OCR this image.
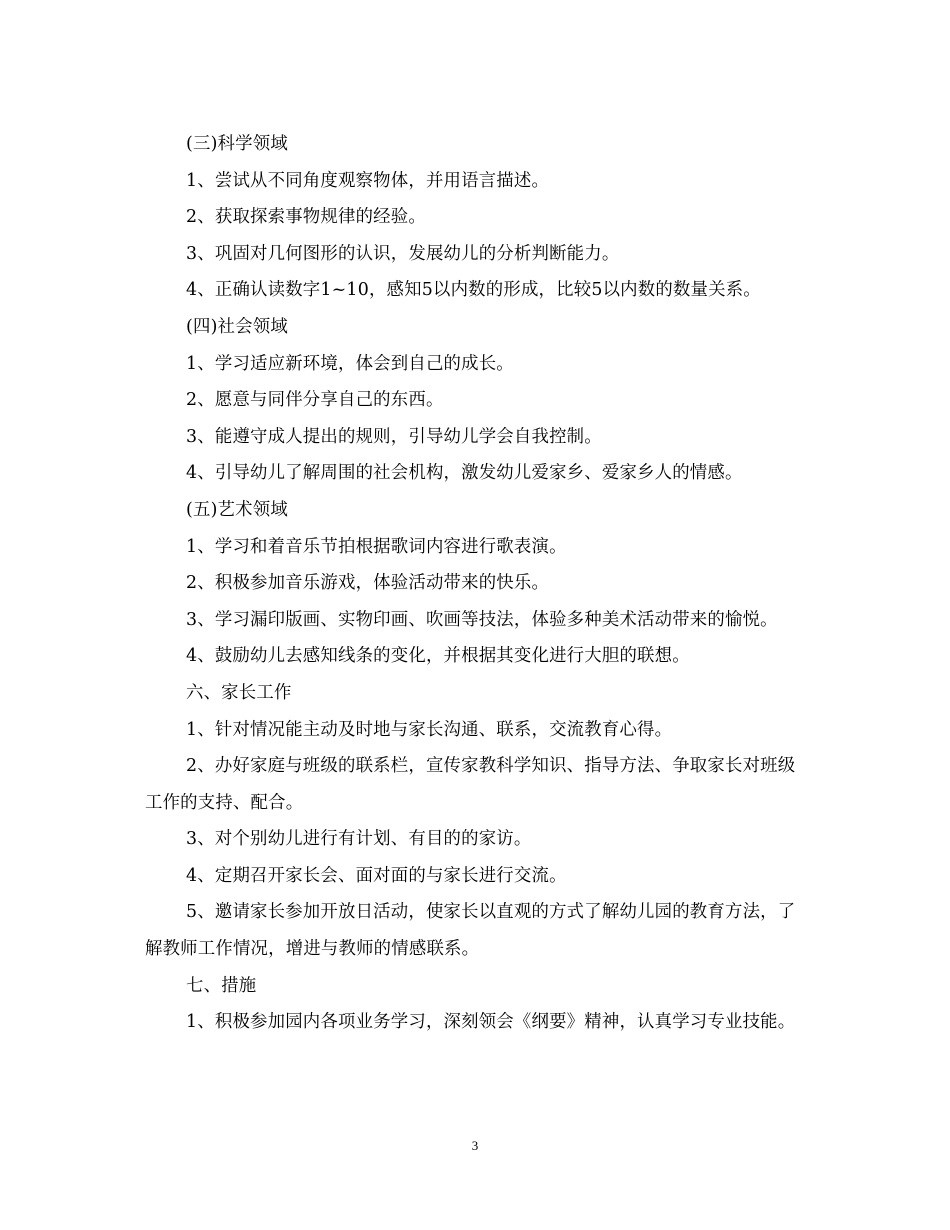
(三)科学领域

1、尝试从不同角度观察物体，并用语言描述。

2、获取探索事物规律的经验。

3、巩固对几何图形的认识，发展幼儿的分析判断能力。

4、正确认读数字1~10，感知5以内数的形成，比较5以内数的数量关系。

(四)社会领域

1、学习适应新环境，体会到自己的成长。

2、愿意与同伴分享自己的东西。

3、能遵守成人提出的规则，引导幼儿学会自我控制。

4、引导幼儿了解周围的社会机构，激发幼儿爱家乡、爱家乡人的情感。

(五)艺术领域

1、学习和着音乐节拍根据歌词内容进行歌表演。

2、积极参加音乐游戏，体验活动带来的快乐。

3、学习漏印版画、实物印画、吹画等技法，体验多种美术活动带来的愉悦。

4、鼓励幼儿去感知线条的变化，并根据其变化进行大胆的联想。

六、家长工作

1、针对情况能主动及时地与家长沟通、联系，交流教育心得。

2、办好家庭与班级的联系栏，宣传家教科学知识、指导方法、争取家长对班级工作的支持、配合。

3、对个别幼儿进行有计划、有目的的家访。

4、定期召开家长会、面对面的与家长进行交流。

5、邀请家长参加开放日活动，使家长以直观的方式了解幼儿园的教育方法，了解教师工作情况，增进与教师的情感联系。

七、措施

1、积极参加园内各项业务学习，深刻领会《纲要》精神，认真学习专业技能。

3
